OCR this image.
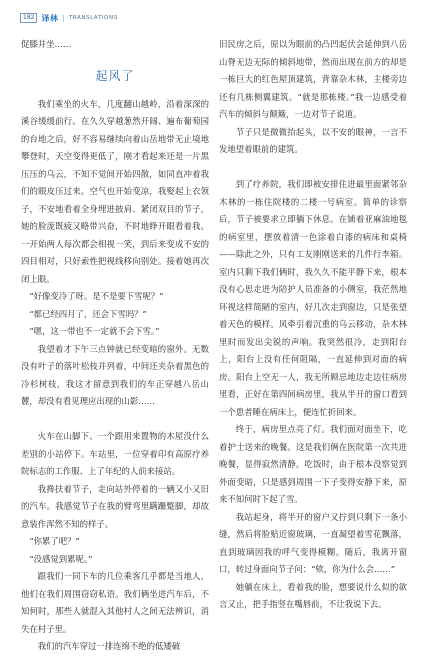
182 译林 | TRANSLATIONS

促膝并坐……

起风了

我们乘坐的火车，几度翻山越岭，沿着深深的溪谷缓缓前行。在久久穿越葱然开阔、遍布葡萄园的台地之后，好不容易继续向着山岳地带无止境地攀登时，天空变得更低了，刚才看起来还是一片黑压压的乌云，不知不觉间开始四散，如同直冲着我们的眼皮压过来。空气也开始变凉，我娶起上衣领子，不安地看着全身埋进披肩、紧闭双目的节子，她的脸庞既疲又略带兴奋，不时地睁开眼看着我。一开始两人每次都会相视一笑，到后来变成不安的四目相对，只好索性把视线移向别处。接着她再次闭上眼。

“好像变冷了呀。是不是要下雪呢？”

“都已经四月了，还会下雪吗？”

“嗯，这一带也不一定就不会下雪。”

我望着才下午三点钟就已经变暗的窗外。无数没有叶子的落叶松枝并列着，中间还夹杂着黑色的冷杉树枝，我这才留意到我们的车正穿越八岳山麓，却没有看见理应出现的山影……

火车在山脚下、一个跟用来置物的木屋没什么差别的小站停下。车站里，一位穿着印有高原疗养院标志的工作服、上了年纪的人前来接站。

我搀扶着节子，走向站外停着的一辆又小又旧的汽车。我感觉节子在我的臂弯里蹒跚蹩脚，却故意装作浑然不知的样子。

“你累了吧？”

“没感觉到累呢。”

跟我们一同下车的几位乘客几乎都是当地人，他们在我们周围窃窃私语。我们俩坐进汽车后，不知何时，那些人就混入其他村人之间无法辨识，消失在村子里。

我们的汽车穿过一排连绵不绝的低矮破

旧民房之后，原以为眼前的凸凹起伏会延伸到八岳山脊无边无际的倾斜地带，然而出现在前方的却是一栋巨大的红色屋顶建筑，背靠杂木林，主楼旁边还有几栋侧翼建筑。“就是那栋楼。”我一边感受着汽车的倾斜与颠簸，一边对节子说道。

节子只是微微抬起头，以不安的眼神，一言不发地望着眼前的建筑。

到了疗养院，我们即被安排住进最里面紧邻杂木林的一栋住院楼的二楼一号病室。简单的诊察后，节子被要求立即躺下休息。在铺着亚麻油地毯的病室里，摆放着清一色涂着白漆的病床和桌椅——除此之外，只有工友刚刚送来的几件行李箱。室内只剩下我们俩时，我久久不能平静下来，根本没有心思走进为陪护人员准备的小侧室，我茫然地环视这样简陋的室内，好几次走到窗边，只是张望着天色的模样。风牵引着沉重的乌云移动，杂木林里时而发出尖锐的声响。我突然很冷，走到阳台上，阳台上没有任何阻隔，一直延伸到对面的病房。阳台上空无一人，我无所顾忌地边走边往病房里看，正好在第四间病房里，我从半开的窗口看到一个患者睡在病床上，便连忙折回来。

终于，病房里点亮了灯。我们面对面坐下，吃着护士送来的晚餐。这是我们俩在医院第一次共进晚餐，显得寂然清静。吃饭时，由于根本没察觉到外面变暗，只是感到周围一下子变得安静下来，原来不知何时下起了雪。

我站起身，将半开的窗户又拧到只剩下一条小缝，然后将脸贴近窗玻璃，一直凝望着雪花飘落，直到玻璃因我的呼气变得模糊。随后，我离开窗口，转过身面向节子问：“欸，你为什么会……”

她躺在床上，看着我的脸，想要说什么似的欲言又止，把手指竖在嘴唇前，不让我说下去。
